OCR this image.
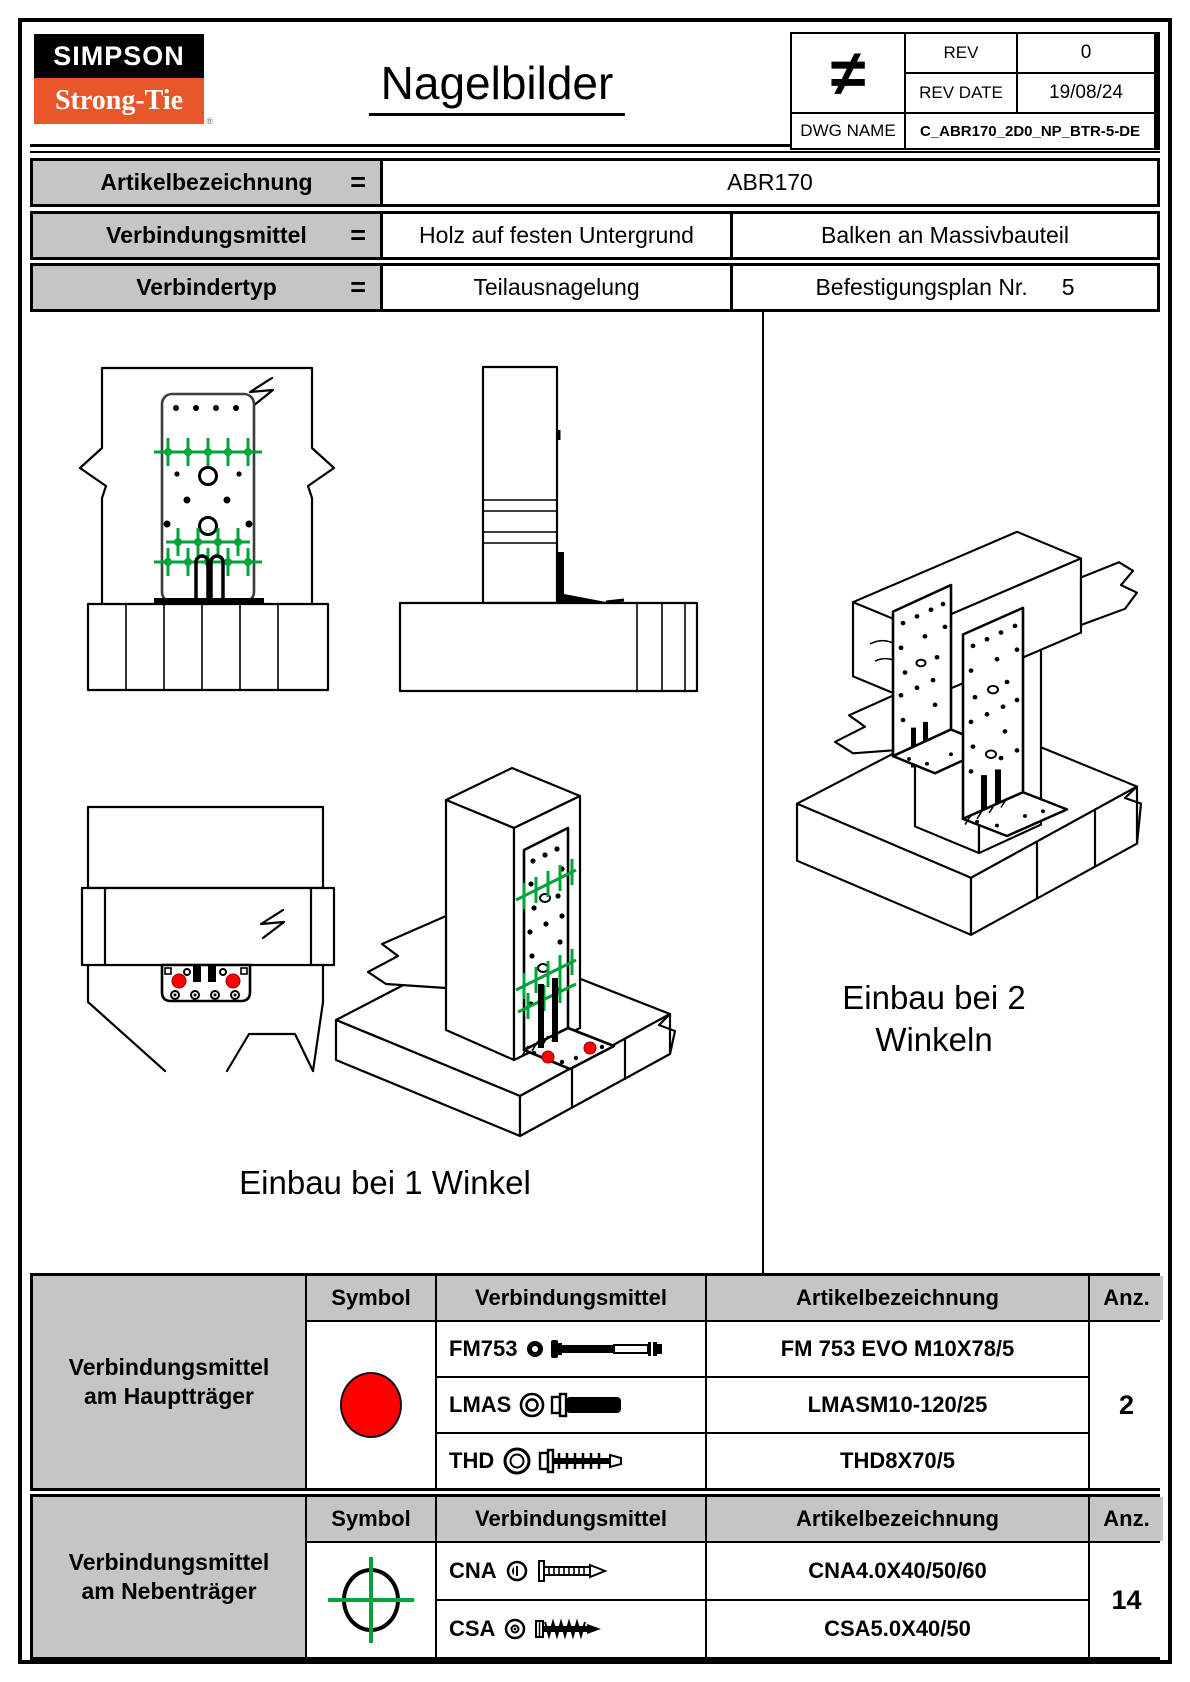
SIMPSON
Strong-Tie
®
Nagelbilder	≠	REV	0
REV DATE	19/08/24
DWG NAME	C_ABR170_2D0_NP_BTR-5-DE
Artikelbezeichnung =	ABR170
Verbindungsmittel =	Holz auf festen Untergrund	Balken an Massivbauteil
Verbindertyp	=	Teilausnagelung	Befestigungsplan Nr. 5
Einbau bei 1 Winkel
Einbau bei 2
Winkeln
Verbindungsmittel
am Hauptträger
Symbol	Verbindungsmittel	Artikelbezeichnung	Anz.
FM753	FM 753 EVO M10X78/5
LMAS	LMASM10-120/25
THD	THD8X70/5
2
Verbindungsmittel
am Nebenträger
Symbol	Verbindungsmittel	Artikelbezeichnung	Anz.
CNA	CNA4.0X40/50/60
CSA	CSA5.0X40/50
14
